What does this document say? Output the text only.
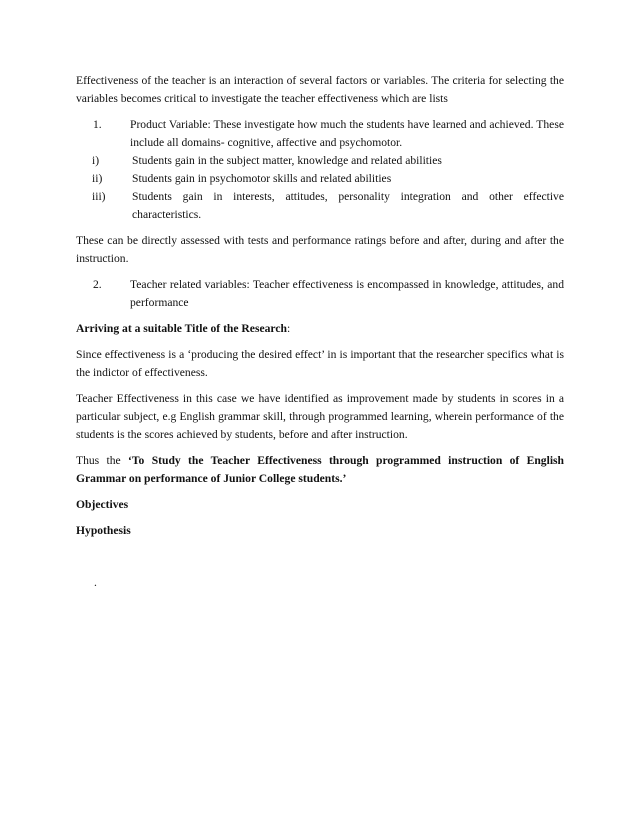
Effectiveness of the teacher is an interaction of several factors or variables. The criteria for selecting the variables becomes critical to investigate the teacher effectiveness which are lists

1.	Product Variable: These investigate how much the students have learned and achieved. These include all domains- cognitive, affective and psychomotor.
i)	Students gain in the subject matter, knowledge and related abilities
ii)	Students gain in psychomotor skills and related abilities
iii)	Students gain in interests, attitudes, personality integration and other effective characteristics.

These can be directly assessed with tests and performance ratings before and after, during and after the instruction.

2.	Teacher related variables: Teacher effectiveness is encompassed in knowledge, attitudes, and performance

Arriving at a suitable Title of the Research:

Since effectiveness is a ‘producing the desired effect’ in is important that the researcher specifics what is the indictor of effectiveness.

Teacher Effectiveness in this case we have identified as improvement made by students in scores in a particular subject, e.g English grammar skill, through programmed learning, wherein performance of the students is the scores achieved by students, before and after instruction.

Thus the ‘To Study the Teacher Effectiveness through programmed instruction of English Grammar on performance of Junior College students.’

Objectives

Hypothesis

.
